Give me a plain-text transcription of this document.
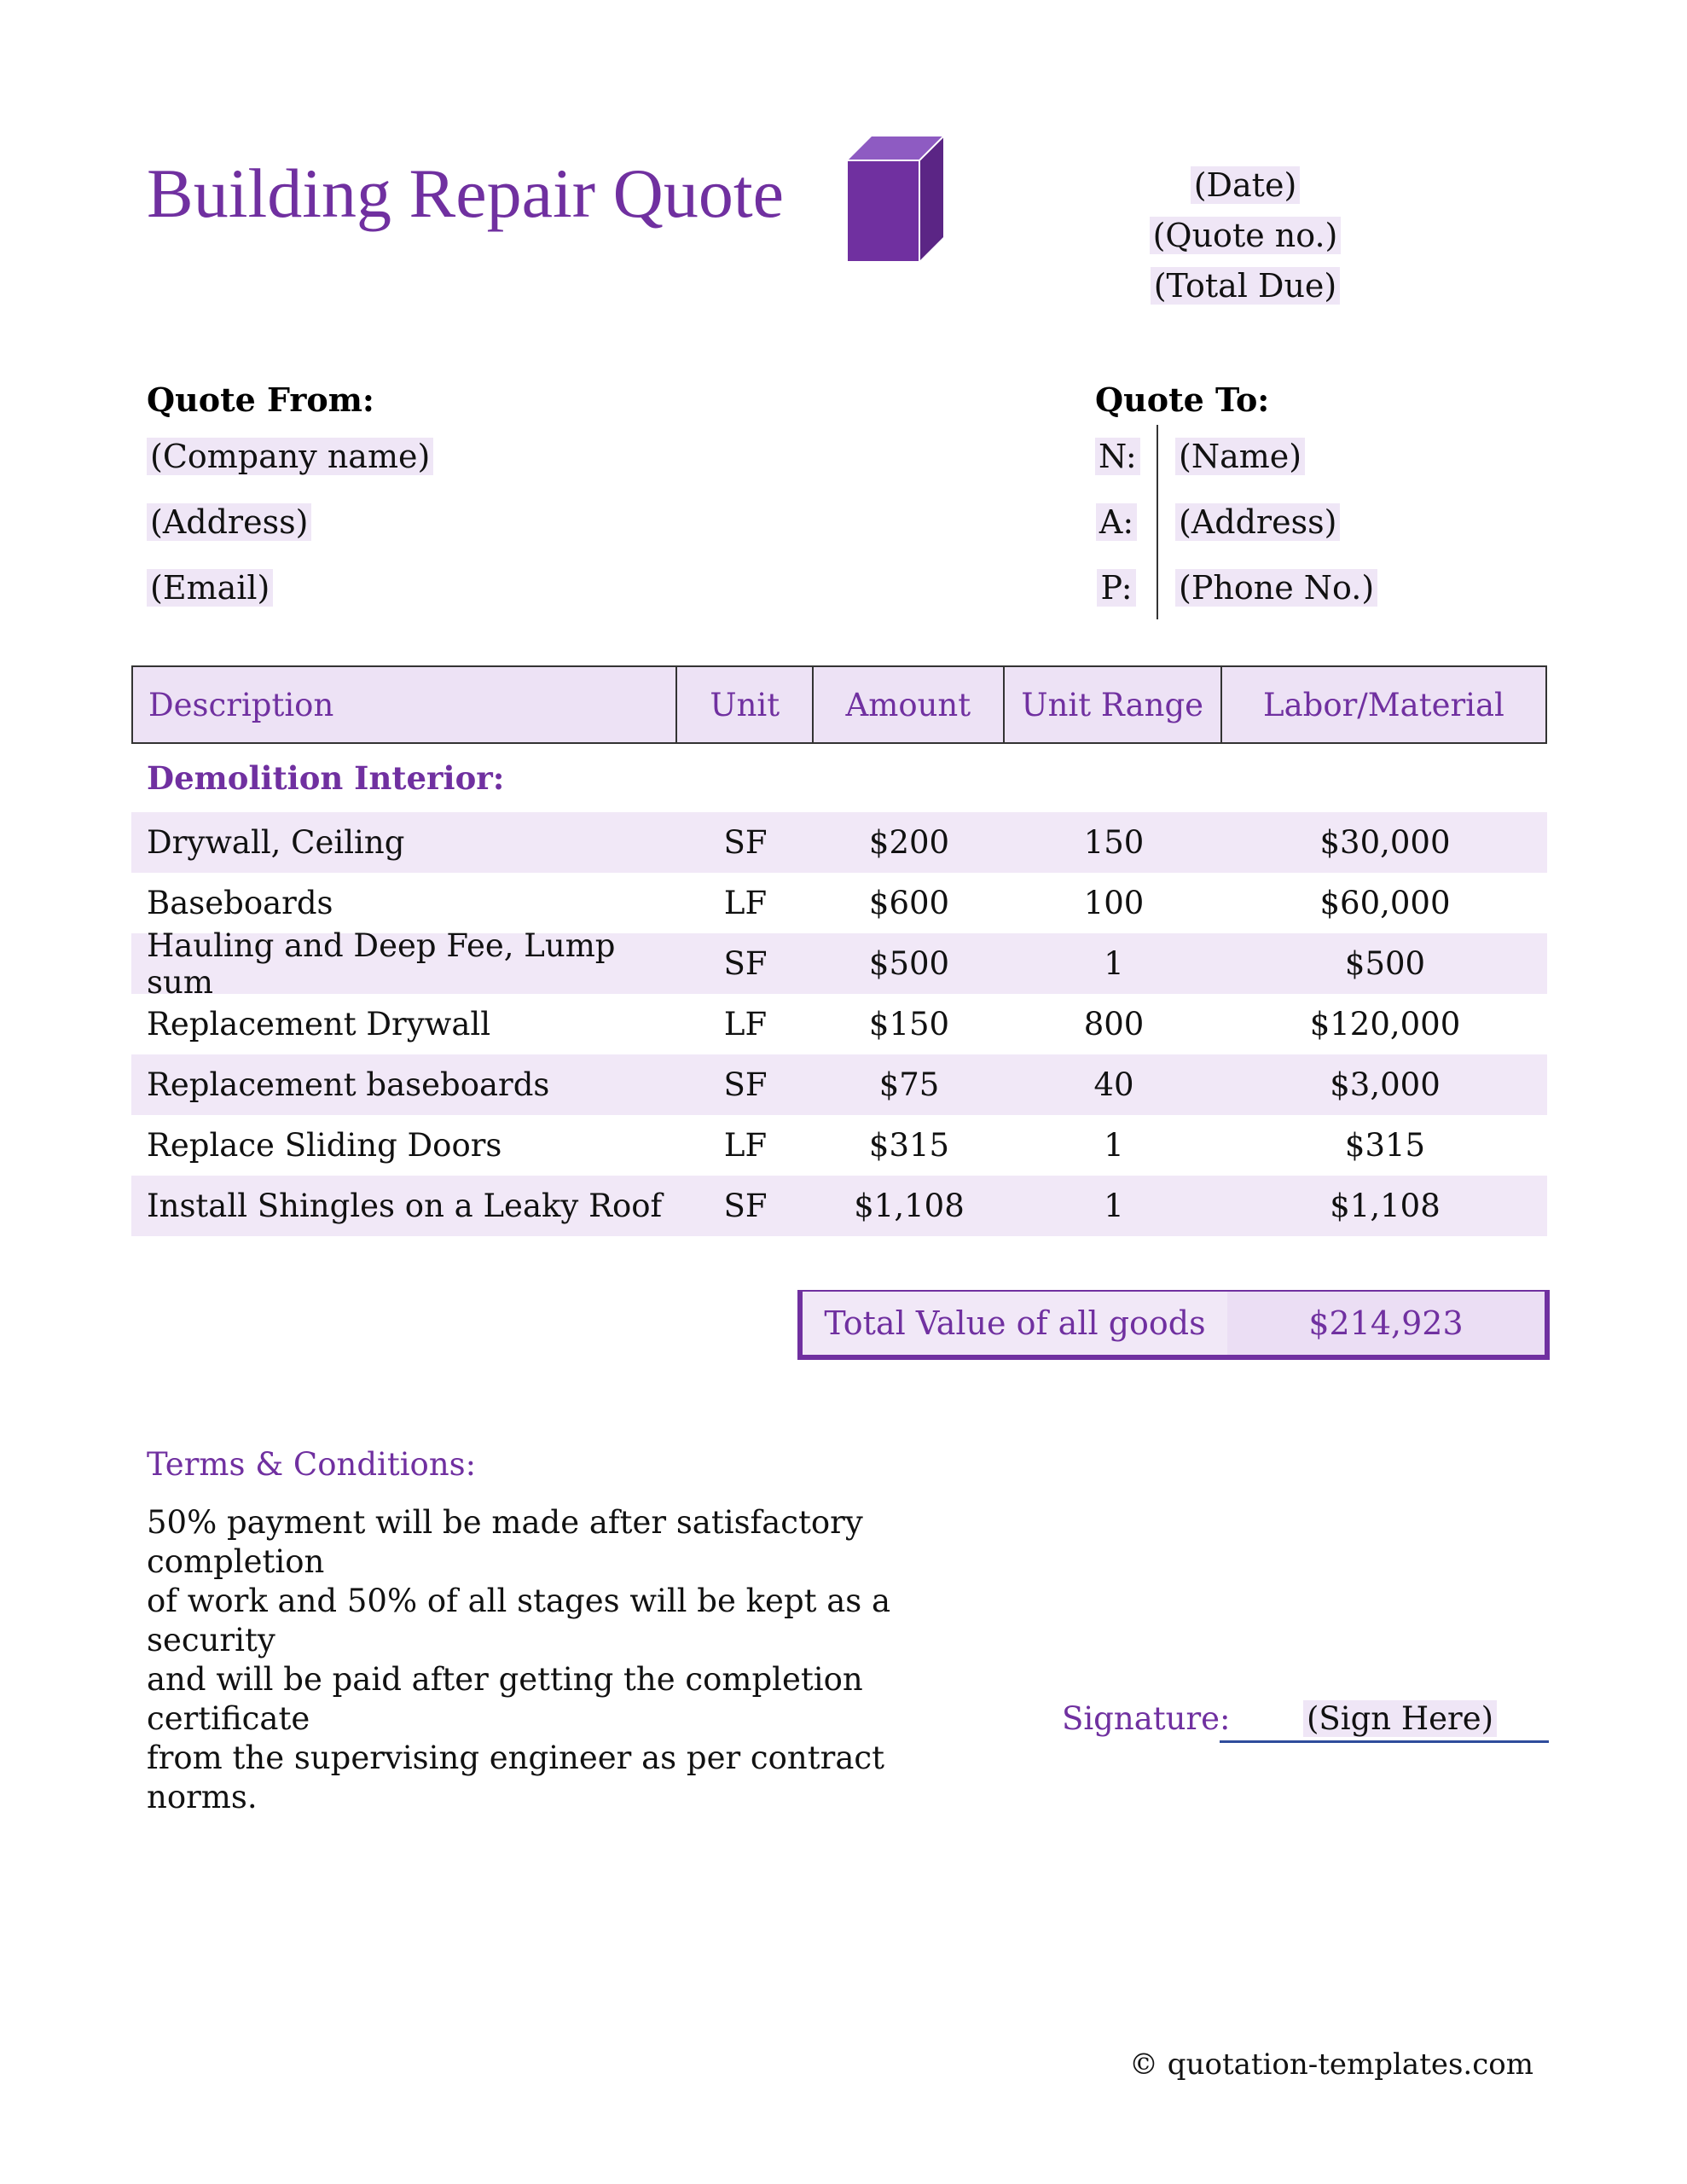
Building Repair Quote	(Date)
(Quote no.)
(Total Due)
Quote From:
(Company name)
(Address)
(Email)
Quote To:
N: (Name)
A: (Address)
P: (Phone No.)
Description	Unit	Amount	Unit Range	Labor/Material
Demolition Interior:
Drywall, Ceiling	SF	$200	150	$30,000
Baseboards	LF	$600	100	$60,000
Hauling and Deep Fee, Lump sum	SF	$500	1	$500
Replacement Drywall	LF	$150	800	$120,000
Replacement baseboards	SF	$75	40	$3,000
Replace Sliding Doors	LF	$315	1	$315
Install Shingles on a Leaky Roof	SF	$1,108	1	$1,108
Total Value of all goods	$214,923
Terms & Conditions:
50% payment will be made after satisfactory completion
of work and 50% of all stages will be kept as a security
and will be paid after getting the completion certificate
from the supervising engineer as per contract norms.
Signature: (Sign Here)
© quotation-templates.com
